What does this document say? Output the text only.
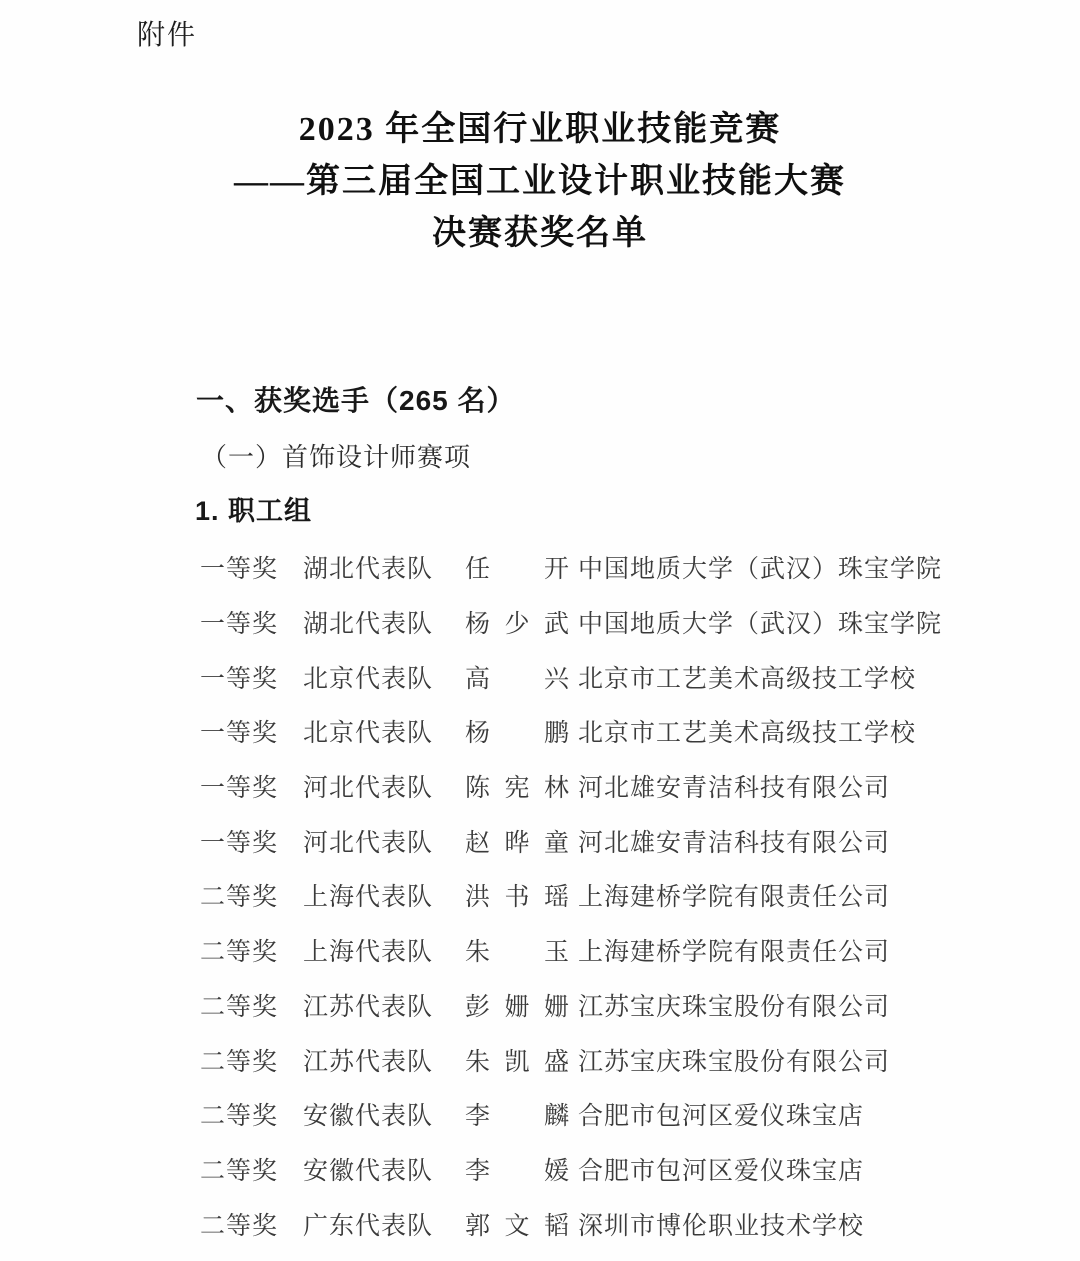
附件
2023 年全国行业职业技能竞赛
——第三届全国工业设计职业技能大赛
决赛获奖名单
一、获奖选手（265 名）
（一）首饰设计师赛项
1. 职工组
一等奖 湖北代表队	任　开 中国地质大学（武汉）珠宝学院
一等奖 湖北代表队	杨少武 中国地质大学（武汉）珠宝学院
一等奖 北京代表队	高　兴 北京市工艺美术高级技工学校
一等奖 北京代表队	杨　鹏 北京市工艺美术高级技工学校
一等奖 河北代表队	陈宪林 河北雄安青洁科技有限公司
一等奖 河北代表队	赵晔童 河北雄安青洁科技有限公司
二等奖 上海代表队	洪书瑶 上海建桥学院有限责任公司
二等奖 上海代表队	朱　玉 上海建桥学院有限责任公司
二等奖 江苏代表队	彭姗姗 江苏宝庆珠宝股份有限公司
二等奖 江苏代表队	朱凯盛 江苏宝庆珠宝股份有限公司
二等奖 安徽代表队	李　麟 合肥市包河区爱仪珠宝店
二等奖 安徽代表队	李　媛 合肥市包河区爱仪珠宝店
二等奖 广东代表队	郭文韬 深圳市博伦职业技术学校
